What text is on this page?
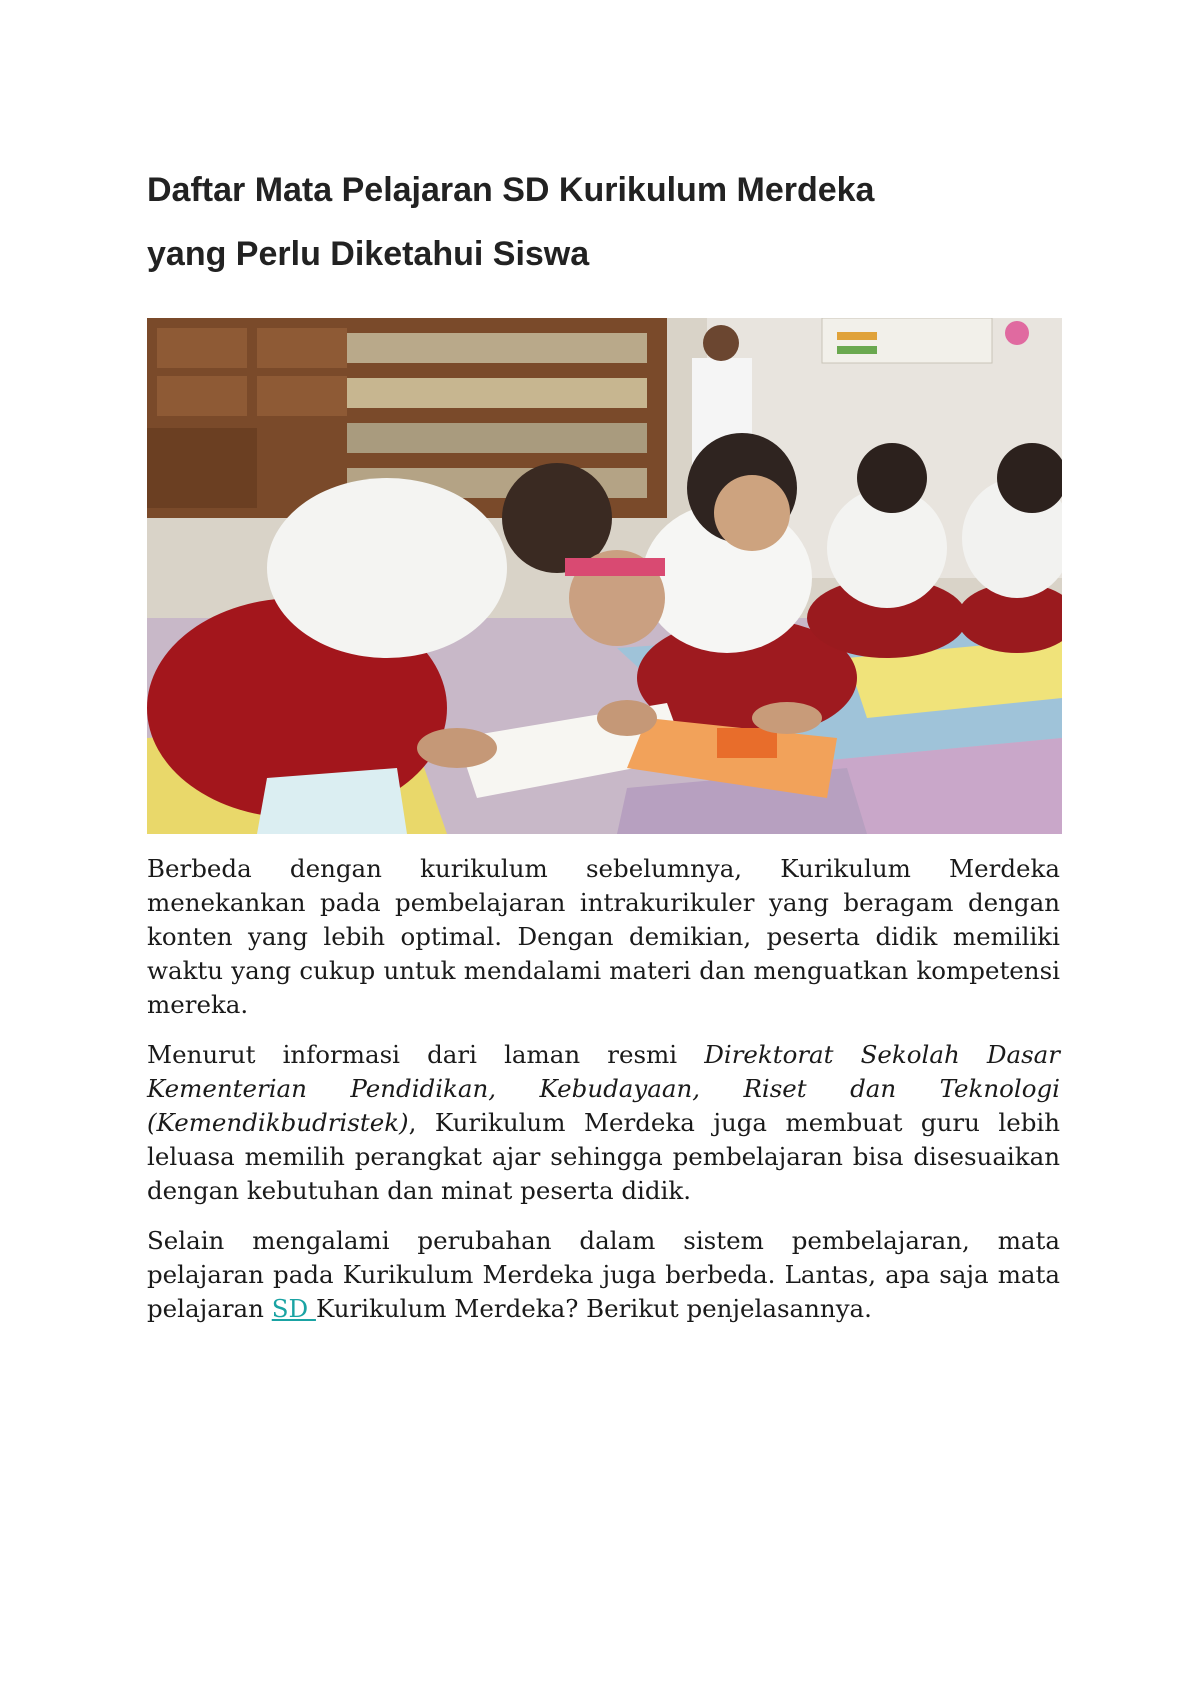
Daftar Mata Pelajaran SD Kurikulum Merdeka
yang Perlu Diketahui Siswa

Berbeda dengan kurikulum sebelumnya, Kurikulum Merdeka menekankan pada pembelajaran intrakurikuler yang beragam dengan konten yang lebih optimal. Dengan demikian, peserta didik memiliki waktu yang cukup untuk mendalami materi dan menguatkan kompetensi mereka.

Menurut informasi dari laman resmi Direktorat Sekolah Dasar Kementerian Pendidikan, Kebudayaan, Riset dan Teknologi (Kemendikbudristek), Kurikulum Merdeka juga membuat guru lebih leluasa memilih perangkat ajar sehingga pembelajaran bisa disesuaikan dengan kebutuhan dan minat peserta didik.

Selain mengalami perubahan dalam sistem pembelajaran, mata pelajaran pada Kurikulum Merdeka juga berbeda. Lantas, apa saja mata pelajaran SD Kurikulum Merdeka? Berikut penjelasannya.
